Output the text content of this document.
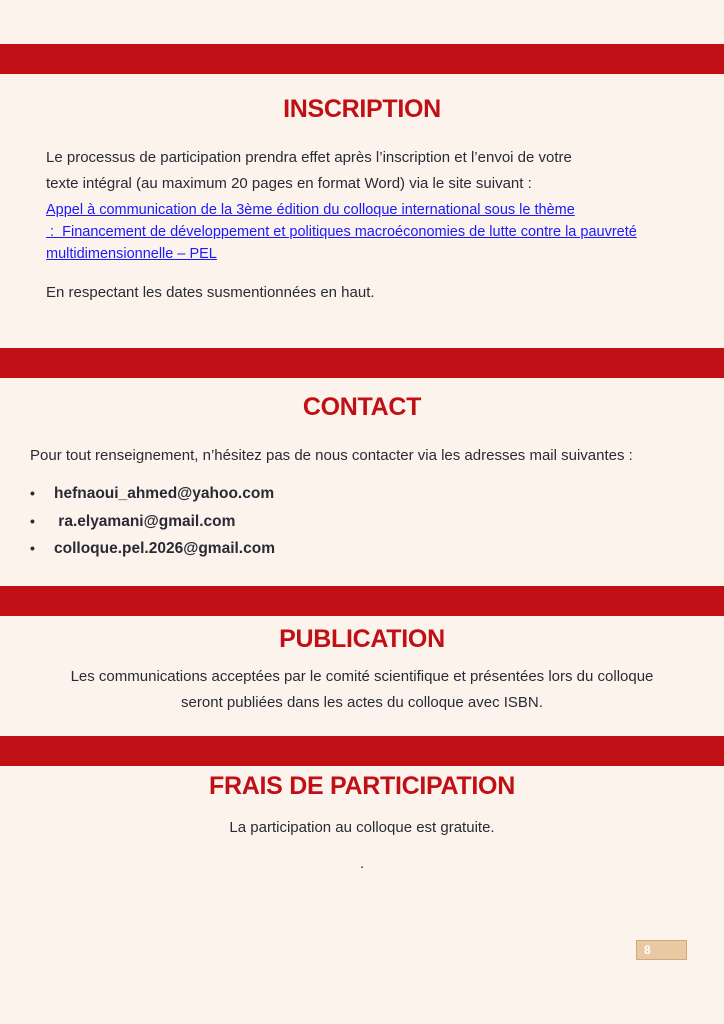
INSCRIPTION
Le processus de participation prendra effet après l’inscription et l’envoi de votre
texte intégral (au maximum 20 pages en format Word) via le site suivant :
Appel à communication de la 3ème édition du colloque international sous le thème
:  Financement de développement et politiques macroéconomies de lutte contre la pauvreté
multidimensionnelle – PEL
En respectant les dates susmentionnées en haut.
CONTACT
Pour tout renseignement, n’hésitez pas de nous contacter via les adresses mail suivantes :
• hefnaoui_ahmed@yahoo.com
• ra.elyamani@gmail.com
• colloque.pel.2026@gmail.com
PUBLICATION
Les communications acceptées par le comité scientifique et présentées lors du colloque
seront publiées dans les actes du colloque avec ISBN.
FRAIS DE PARTICIPATION
La participation au colloque est gratuite.
.
8
